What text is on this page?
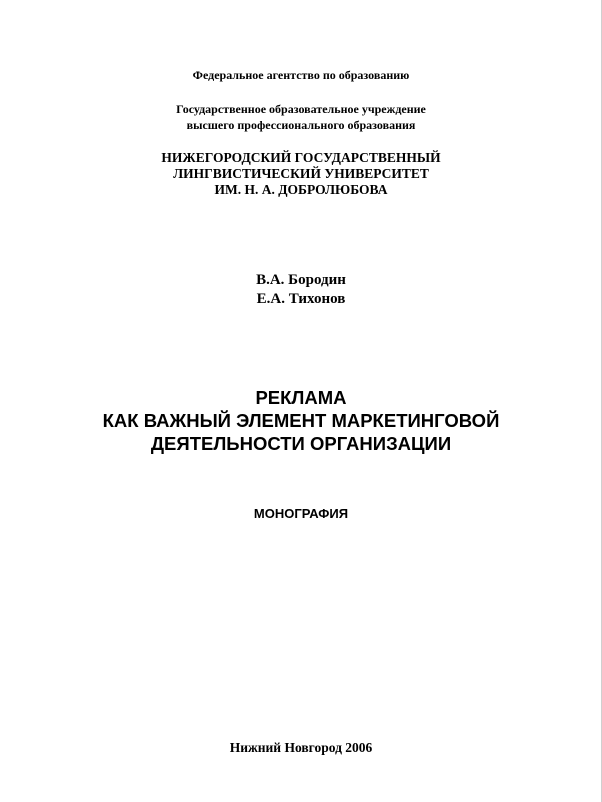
Федеральное агентство по образованию
Государственное образовательное учреждение
высшего профессионального образования
НИЖЕГОРОДСКИЙ ГОСУДАРСТВЕННЫЙ
ЛИНГВИСТИЧЕСКИЙ УНИВЕРСИТЕТ
ИМ. Н. А. ДОБРОЛЮБОВА
В.А. Бородин
Е.А. Тихонов
РЕКЛАМА
КАК ВАЖНЫЙ ЭЛЕМЕНТ МАРКЕТИНГОВОЙ
ДЕЯТЕЛЬНОСТИ ОРГАНИЗАЦИИ
МОНОГРАФИЯ
Нижний Новгород 2006
